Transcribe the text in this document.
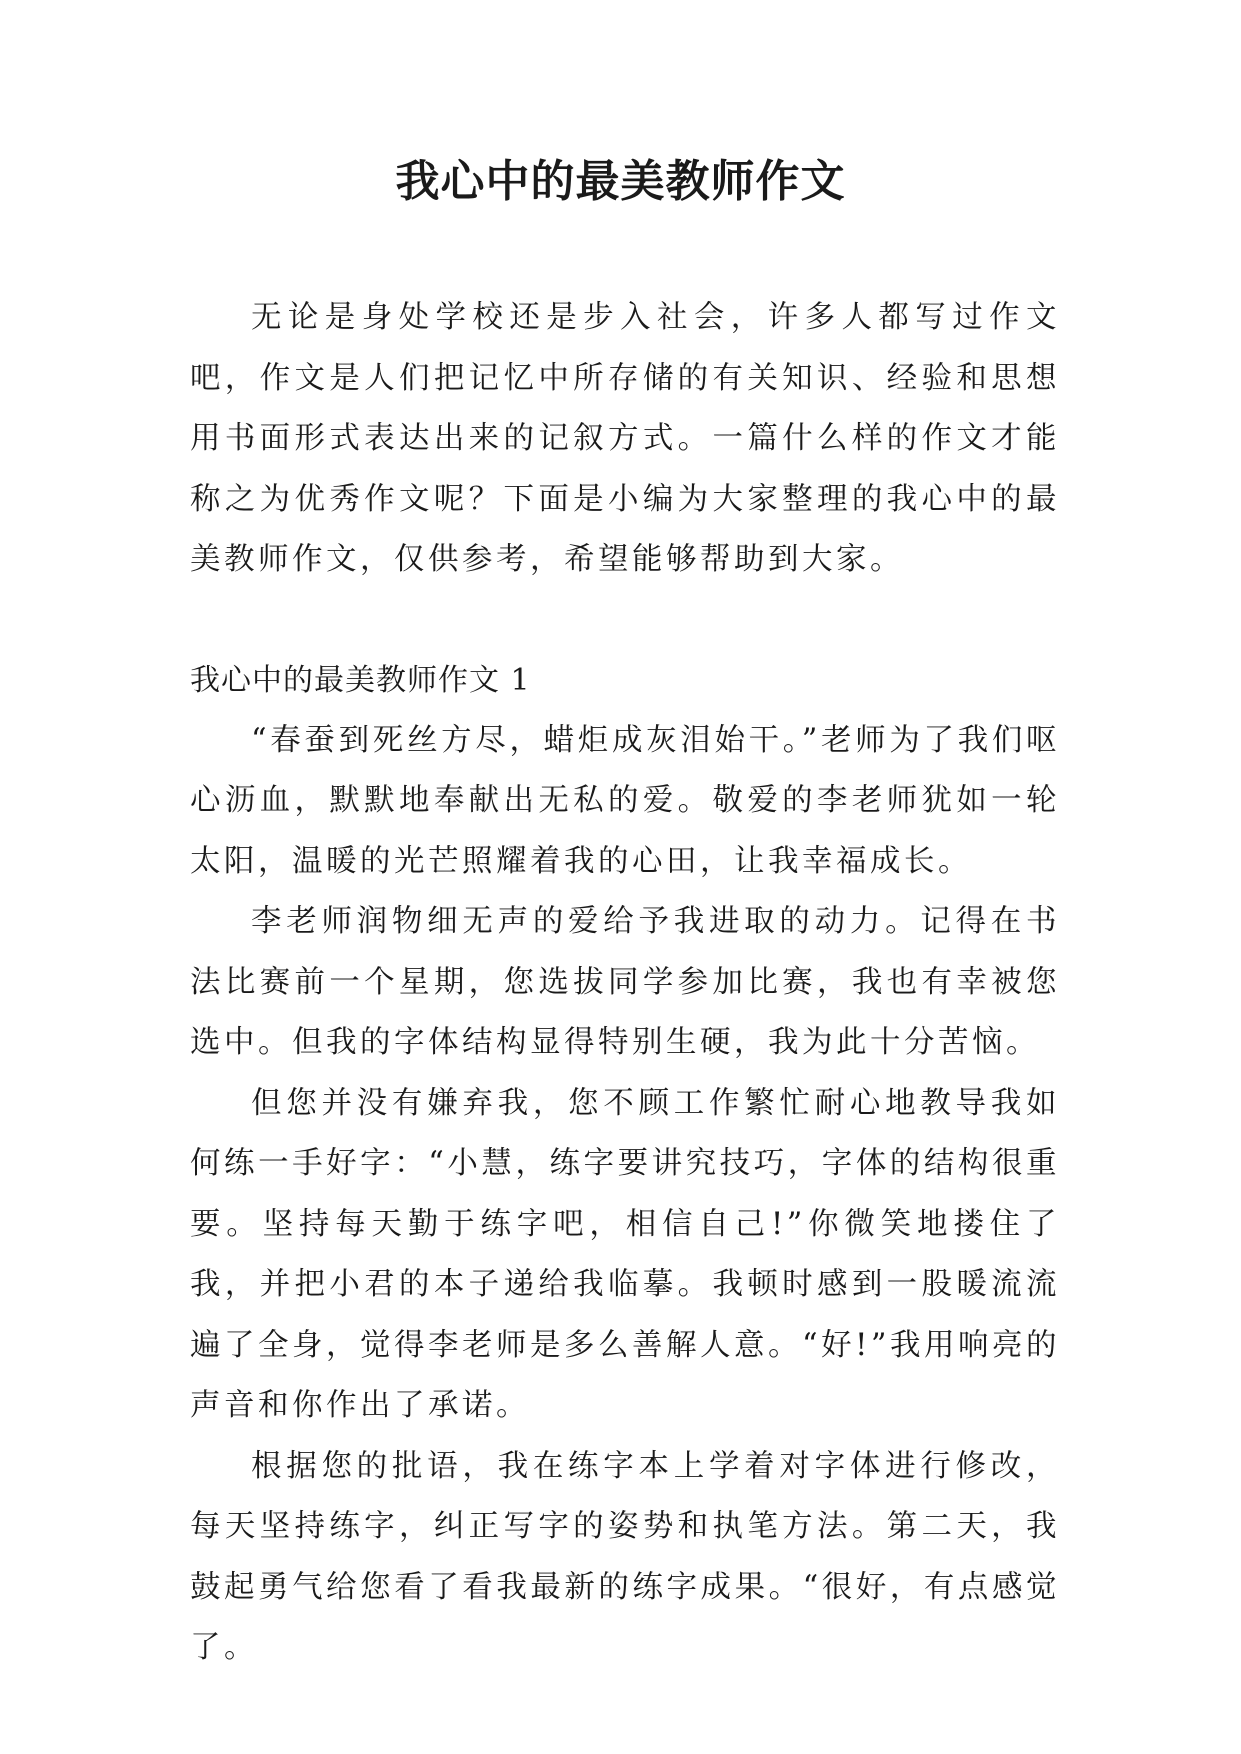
我心中的最美教师作文

无论是身处学校还是步入社会，许多人都写过作文吧，作文是人们把记忆中所存储的有关知识、经验和思想用书面形式表达出来的记叙方式。一篇什么样的作文才能称之为优秀作文呢？下面是小编为大家整理的我心中的最美教师作文，仅供参考，希望能够帮助到大家。

我心中的最美教师作文 1

“春蚕到死丝方尽，蜡炬成灰泪始干。”老师为了我们呕心沥血，默默地奉献出无私的爱。敬爱的李老师犹如一轮太阳，温暖的光芒照耀着我的心田，让我幸福成长。

李老师润物细无声的爱给予我进取的动力。记得在书法比赛前一个星期，您选拔同学参加比赛，我也有幸被您选中。但我的字体结构显得特别生硬，我为此十分苦恼。

但您并没有嫌弃我，您不顾工作繁忙耐心地教导我如何练一手好字：“小慧，练字要讲究技巧，字体的结构很重要。坚持每天勤于练字吧，相信自己!”你微笑地搂住了我，并把小君的本子递给我临摹。我顿时感到一股暖流流遍了全身，觉得李老师是多么善解人意。“好!”我用响亮的声音和你作出了承诺。

根据您的批语，我在练字本上学着对字体进行修改，每天坚持练字，纠正写字的姿势和执笔方法。第二天，我鼓起勇气给您看了看我最新的练字成果。“很好，有点感觉了。
